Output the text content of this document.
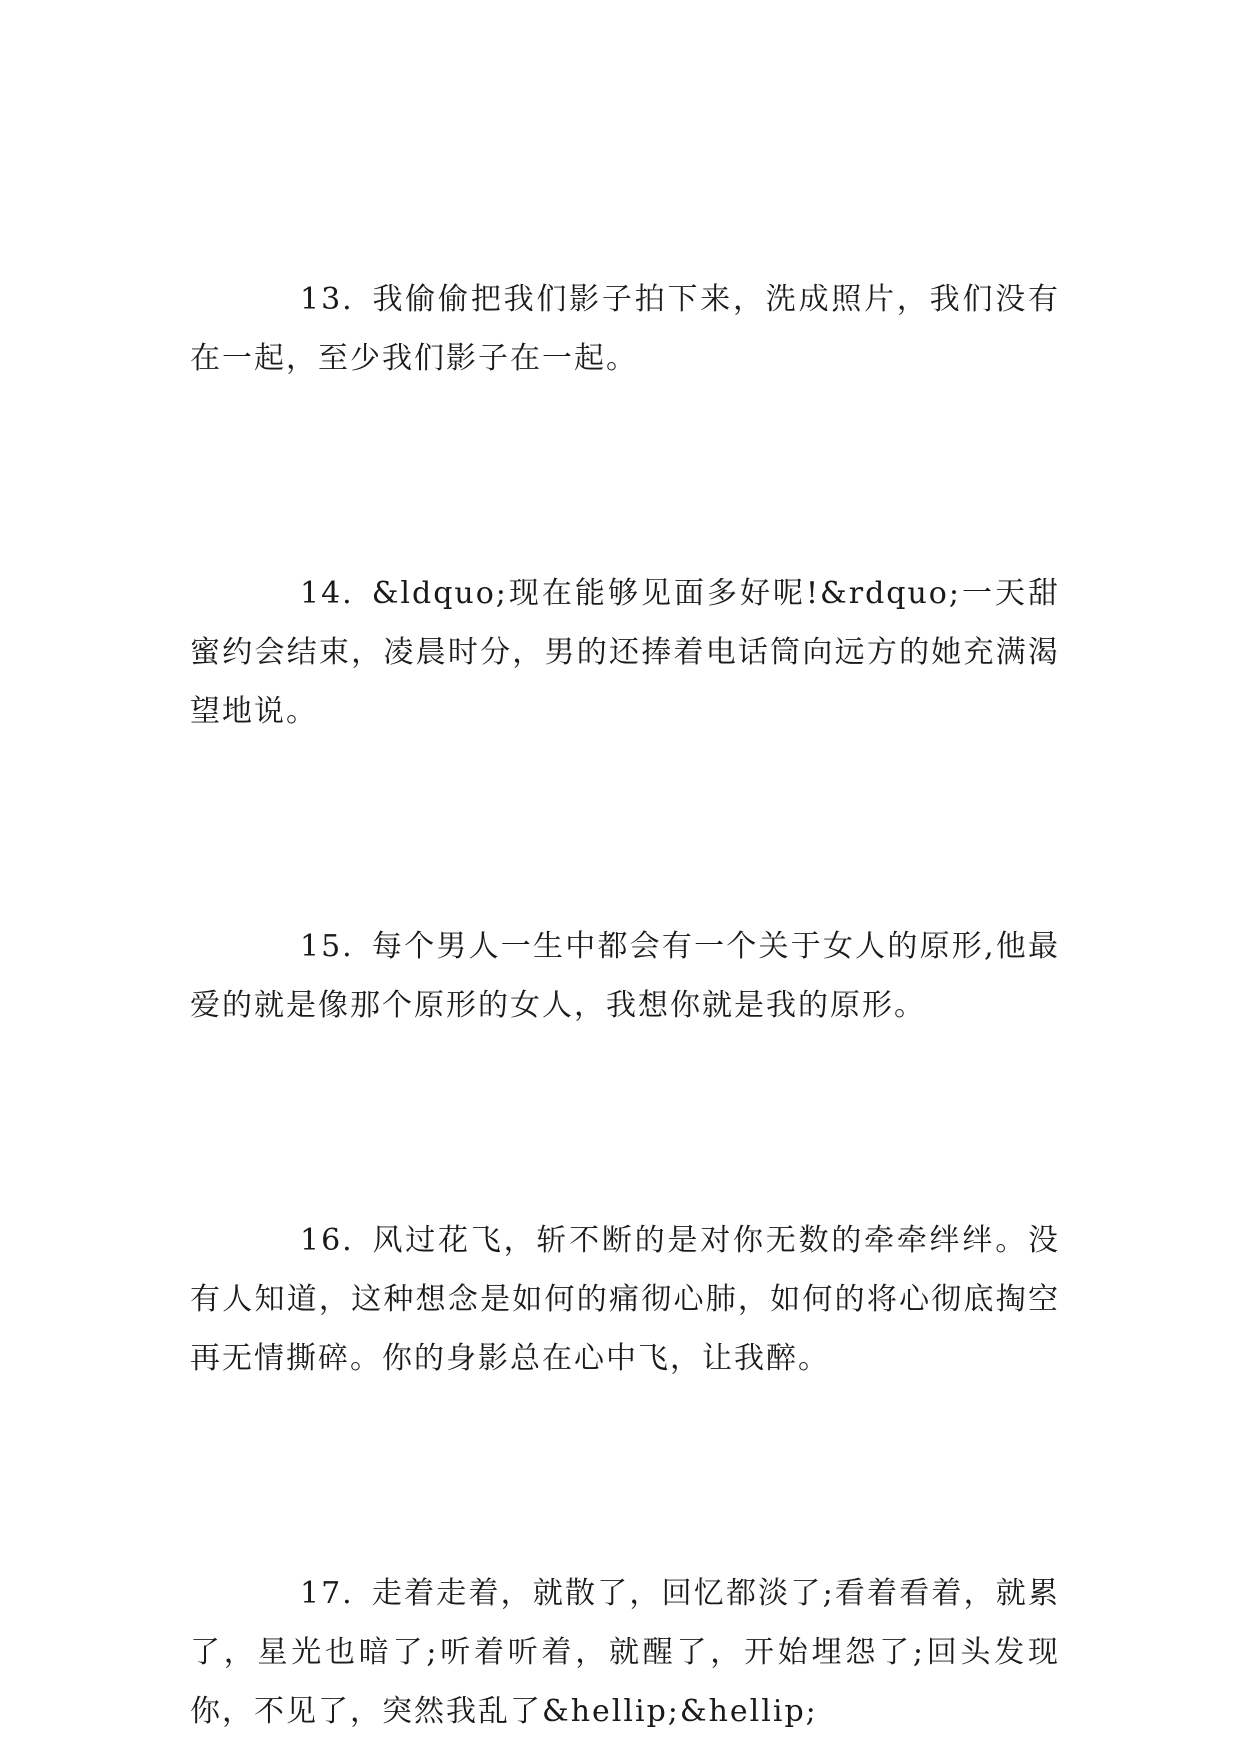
13. 我偷偷把我们影子拍下来，洗成照片，我们没有在一起，至少我们影子在一起。

14. &ldquo;现在能够见面多好呢!&rdquo;一天甜蜜约会结束，凌晨时分，男的还捧着电话筒向远方的她充满渴望地说。

15. 每个男人一生中都会有一个关于女人的原形,他最爱的就是像那个原形的女人，我想你就是我的原形。

16. 风过花飞，斩不断的是对你无数的牵牵绊绊。没有人知道，这种想念是如何的痛彻心肺，如何的将心彻底掏空再无情撕碎。你的身影总在心中飞，让我醉。

17. 走着走着，就散了，回忆都淡了;看着看着，就累了，星光也暗了;听着听着，就醒了，开始埋怨了;回头发现你，不见了，突然我乱了&hellip;&hellip;
